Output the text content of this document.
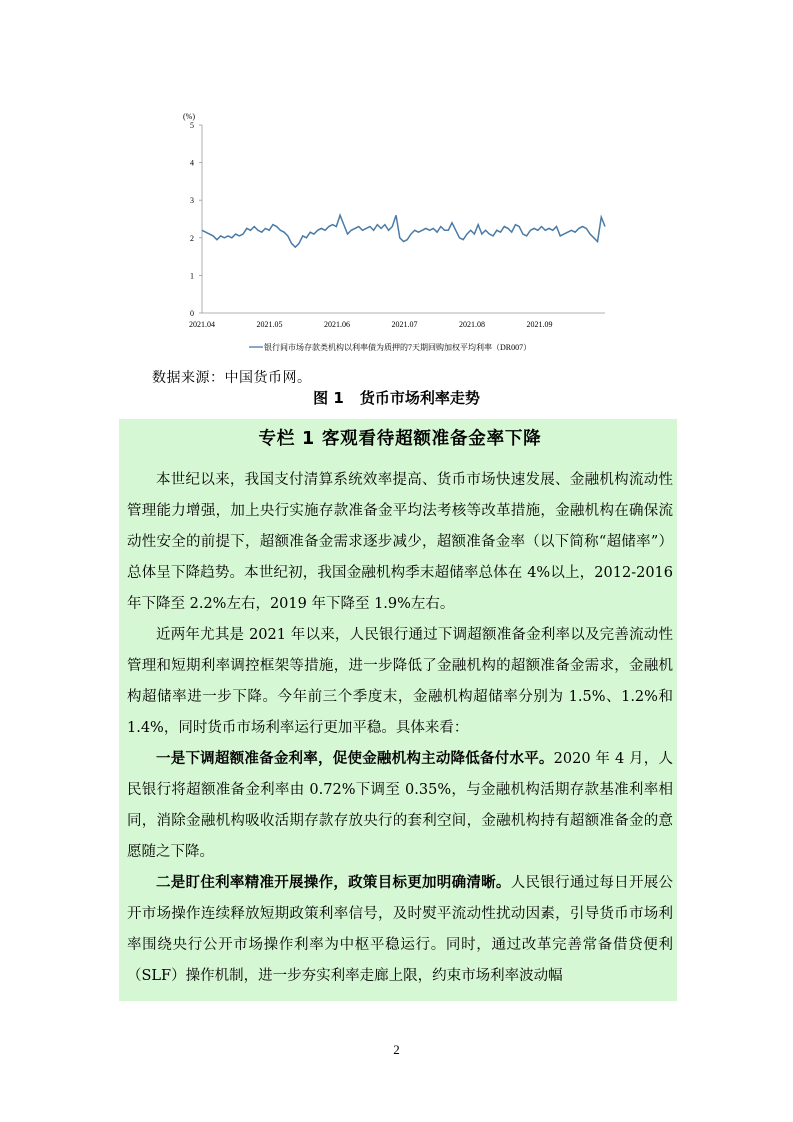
(%)
0
1
2
3
4
5
2021.04	2021.05	2021.06	2021.07	2021.08	2021.09
银行间市场存款类机构以利率债为质押的7天期回购加权平均利率（DR007）
数据来源：中国货币网。
图 1 货币市场利率走势
专栏 1 客观看待超额准备金率下降

本世纪以来，我国支付清算系统效率提高、货币市场快速发展、金融机构流动性管理能力增强，加上央行实施存款准备金平均法考核等改革措施，金融机构在确保流动性安全的前提下，超额准备金需求逐步减少，超额准备金率（以下简称“超储率”）总体呈下降趋势。本世纪初，我国金融机构季末超储率总体在 4%以上，2012-2016 年下降至 2.2%左右，2019 年下降至 1.9%左右。

近两年尤其是 2021 年以来，人民银行通过下调超额准备金利率以及完善流动性管理和短期利率调控框架等措施，进一步降低了金融机构的超额准备金需求，金融机构超储率进一步下降。今年前三个季度末，金融机构超储率分别为 1.5%、1.2%和 1.4%，同时货币市场利率运行更加平稳。具体来看：

一是下调超额准备金利率，促使金融机构主动降低备付水平。2020 年 4 月，人民银行将超额准备金利率由 0.72%下调至 0.35%，与金融机构活期存款基准利率相同，消除金融机构吸收活期存款存放央行的套利空间，金融机构持有超额准备金的意愿随之下降。

二是盯住利率精准开展操作，政策目标更加明确清晰。人民银行通过每日开展公开市场操作连续释放短期政策利率信号，及时熨平流动性扰动因素，引导货币市场利率围绕央行公开市场操作利率为中枢平稳运行。同时，通过改革完善常备借贷便利（SLF）操作机制，进一步夯实利率走廊上限，约束市场利率波动幅

2
